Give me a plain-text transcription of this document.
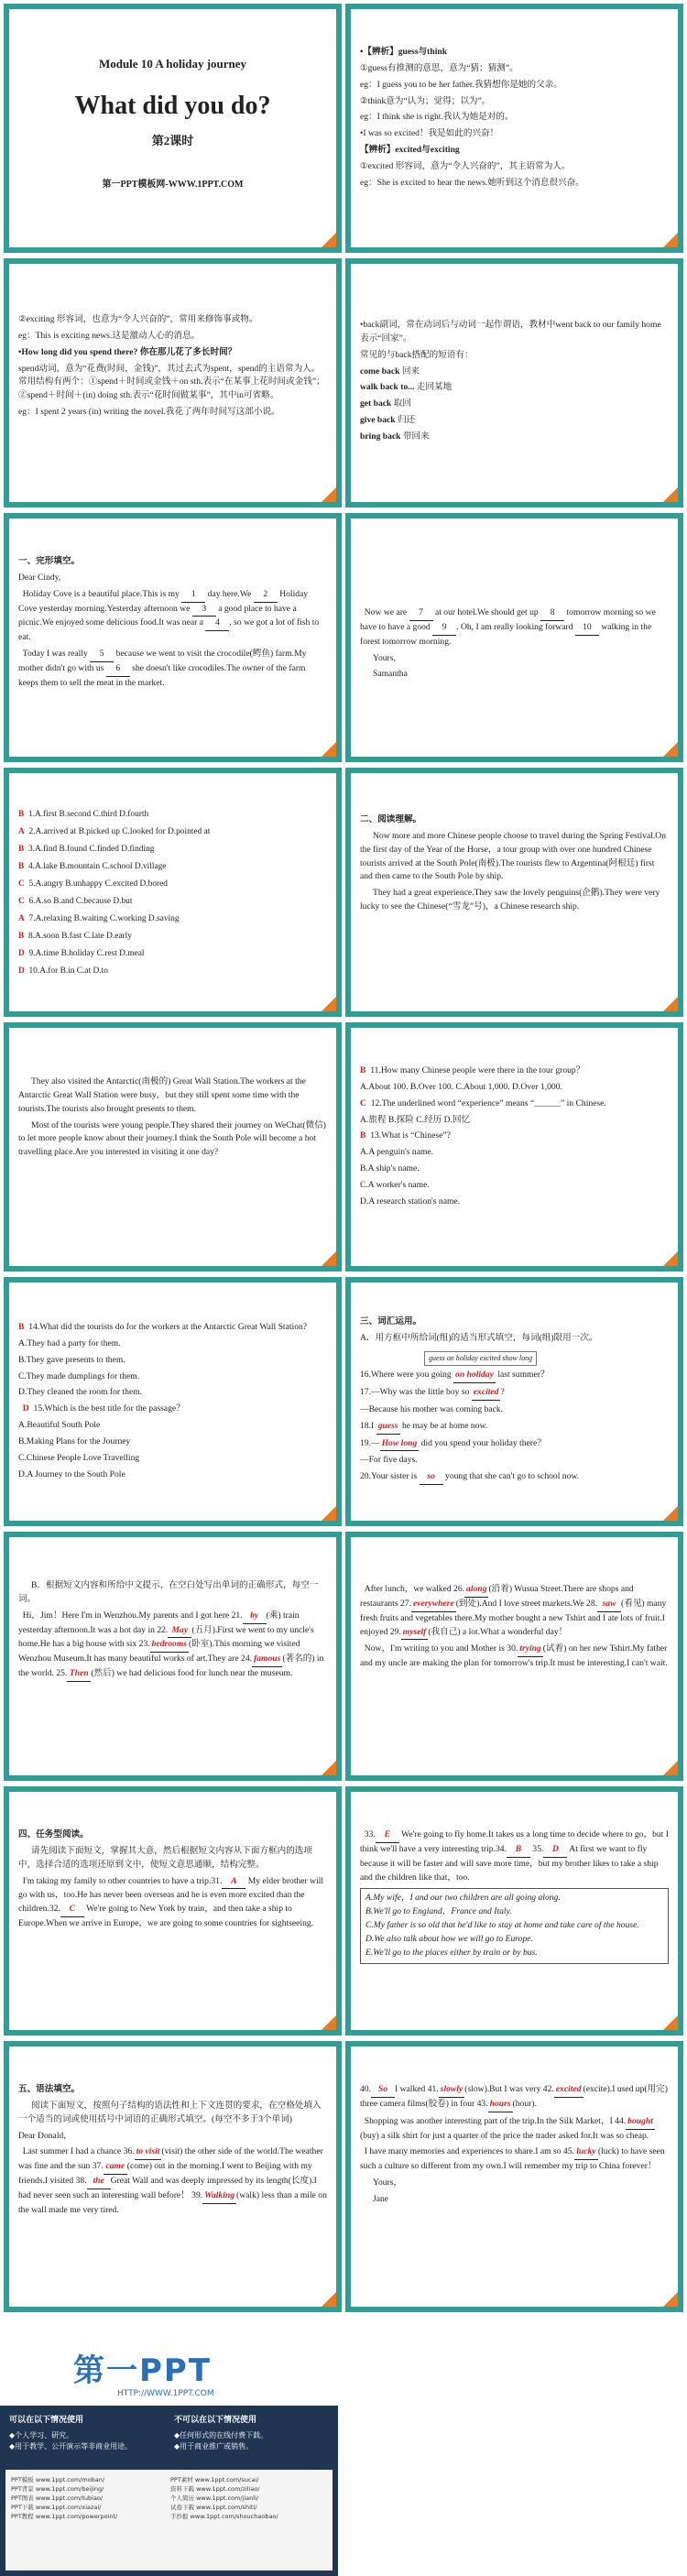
Module 10 A holiday journey
What did you do?
第2课时
第一PPT模板网-WWW.1PPT.COM

•【辨析】guess与think

①guess有推测的意思，意为“猜；猜测”。

eg：I guess you to be her father.我猜想你是她的父亲。

②think意为“认为；觉得；以为”。

eg：I think she is right.我认为她是对的。

•I was so excited！我是如此的兴奋！

【辨析】excited与exciting

①excited 形容词，意为“令人兴奋的”，其主语常为人。

eg：She is excited to hear the news.她听到这个消息很兴奋。

②exciting 形容词，也意为“令人兴奋的”，常用来修饰事或物。

eg：This is exciting news.这是激动人心的消息。

•How long did you spend there? 你在那儿花了多长时间？

spend动词，意为“花费(时间，金钱)”，其过去式为spent，spend的主语常为人。常用结构有两个：①spend＋时间或金钱＋on sth.表示“在某事上花时间或金钱”；②spend＋时间＋(in) doing sth.表示“花时间做某事”，其中in可省略。

eg：I spent 2 years (in) writing the novel.我花了两年时间写这部小说。

•back副词，常在动词后与动词一起作谓语，教材中went back to our family home表示“回家”。

常见的与back搭配的短语有：

come back 回来

walk back to... 走回某地

get back 取回

give back 归还

bring back 带回来

一、完形填空。

Dear Cindy,

Holiday Cove is a beautiful place.This is my 1 day here.We 2 Holiday Cove yesterday morning.Yesterday afternoon we 3 a good place to have a picnic.We enjoyed some delicious food.It was near a 4 , so we got a lot of fish to eat.

Today I was really 5 because we went to visit the crocodile(鳄鱼) farm.My mother didn't go with us 6 she doesn't like crocodiles.The owner of the farm keeps them to sell the meat in the market.

Now we are 7 at our hotel.We should get up 8 tomorrow morning so we have to have a good 9 . Oh, I am really looking forward 10 walking in the forest tomorrow morning.

Yours,

Samantha

B 1.A.first B.second C.third D.fourth

A 2.A.arrived at B.picked up C.looked for D.pointed at

B 3.A.find B.found C.finded D.finding

B 4.A.lake B.mountain C.school D.village

C 5.A.angry B.unhappy C.excited D.bored

C 6.A.so B.and C.because D.but

A 7.A.relaxing B.waiting C.working D.saving

B 8.A.soon B.fast C.late D.early

D 9.A.time B.holiday C.rest D.meal

D 10.A.for B.in C.at D.to

二、阅读理解。

Now more and more Chinese people choose to travel during the Spring Festival.On the first day of the Year of the Horse，a tour group with over one hundred Chinese tourists arrived at the South Pole(南极).The tourists flew to Argentina(阿根廷) first and then came to the South Pole by ship.

They had a great experience.They saw the lovely penguins(企鹅).They were very lucky to see the Chinese(“雪龙”号)，a Chinese research ship.

They also visited the Antarctic(南极的) Great Wall Station.The workers at the Antarctic Great Wall Station were busy，but they still spent some time with the tourists.The tourists also brought presents to them.

Most of the tourists were young people.They shared their journey on WeChat(微信) to let more people know about their journey.I think the South Pole will become a hot travelling place.Are you interested in visiting it one day?

B 11.How many Chinese people were there in the tour group？

A.About 100. B.Over 100. C.About 1,000. D.Over 1,000.

C 12.The underlined word “experience” means “______” in Chinese.

A.旅程 B.探险 C.经历 D.回忆

B 13.What is “Chinese”?

A.A penguin's name.

B.A ship's name.

C.A worker's name.

D.A research station's name.

B 14.What did the tourists do for the workers at the Antarctic Great Wall Station?

A.They had a party for them.

B.They gave presents to them.

C.They made dumplings for them.

D.They cleaned the room for them.

D 15.Which is the best title for the passage？

A.Beautiful South Pole

B.Making Plans for the Journey

C.Chinese People Love Travelling

D.A Journey to the South Pole

三、词汇运用。

A．用方框中所给词(组)的适当形式填空，每词(组)限用一次。

guess on holiday excited show long

16.Where were you going on holiday last summer？

17.—Why was the little boy so excited ?

—Because his mother was coming back.

18.I guess he may be at home now.

19.— How long did you spend your holiday there？

—For five days.

20.Your sister is so young that she can't go to school now.

B．根据短文内容和所给中文提示，在空白处写出单词的正确形式，每空一词。

Hi，Jim！Here I'm in Wenzhou.My parents and I got here 21. by (乘) train yesterday afternoon.It was a hot day in 22. May (五月).First we went to my uncle's home.He has a big house with six 23. bedrooms (卧室).This morning we visited Wenzhou Museum.It has many beautiful works of art.They are 24. famous (著名的) in the world. 25. Then (然后) we had delicious food for lunch near the museum.

After lunch，we walked 26. along (沿着) Wusua Street.There are shops and restaurants 27. everywhere (到处).And I love street markets.We 28. saw (看见) many fresh fruits and vegetables there.My mother bought a new Tshirt and I ate lots of fruit.I enjoyed 29. myself (我自己) a lot.What a wonderful day！

Now，I'm writing to you and Mother is 30. trying (试着) on her new Tshirt.My father and my uncle are making the plan for tomorrow's trip.It must be interesting.I can't wait.

四、任务型阅读。

请先阅读下面短文，掌握其大意，然后根据短文内容从下面方框内的选项中，选择合适的选项还原到文中，使短文意思通顺，结构完整。

I'm taking my family to other countries to have a trip.31. A My elder brother will go with us，too.He has never been overseas and he is even more excited than the children.32. C We're going to New York by train，and then take a ship to Europe.When we arrive in Europe，we are going to some countries for sightseeing.

33. E We're going to fly home.It takes us a long time to decide where to go，but I think we'll have a very interesting trip.34. B 35. D At first we want to fly because it will be faster and will save more time，but my brother likes to take a ship and the children like that，too.

A.My wife，I and our two children are all going along.
B.We'll go to England，France and Italy.
C.My father is so old that he'd like to stay at home and take care of the house.
D.We also talk about how we will go to Europe.
E.We'll go to the places either by train or by bus.

五、语法填空。

阅读下面短文，按照句子结构的语法性和上下文连贯的要求，在空格处填入一个适当的词或使用括号中词语的正确形式填空。(每空不多于3个单词)

Dear Donald，

Last summer I had a chance 36. to visit (visit) the other side of the world.The weather was fine and the sun 37. came (come) out in the morning.I went to Beijing with my friends.I visited 38. the Great Wall and was deeply impressed by its length(长度).I had never seen such an interesting wall before！ 39. Walking (walk) less than a mile on the wall made me very tired.

40. So I walked 41. slowly (slow).But I was very 42. excited (excite).I used up(用完) three camera films(胶卷) in four 43. hours (hour).

Shopping was another interesting part of the trip.In the Silk Market，I 44. bought(buy) a silk shirt for just a quarter of the price the trader asked for.It was so cheap.

I have many memories and experiences to share.I am so 45. lucky (luck) to have seen such a culture so different from my own.I will remember my trip to China forever！

Yours，

Jane

第一PPT
HTTP://WWW.1PPT.COM
可以在以下情况使用
◆个人学习、研究。
◆用于教学、公开演示等非商业用途。
不可以在以下情况使用
◆任何形式的在线付费下载。
◆用于商业推广或销售。
PPT模板 www.1ppt.com/moban/
PPT背景 www.1ppt.com/beijing/
PPT图表 www.1ppt.com/tubiao/
PPT下载 www.1ppt.com/xiazai/
PPT教程 www.1ppt.com/powerpoint/
PPT素材 www.1ppt.com/sucai/
资料下载 www.1ppt.com/ziliao/
个人简历 www.1ppt.com/jianli/
试卷下载 www.1ppt.com/shiti/
手抄报 www.1ppt.com/shouchaobao/
